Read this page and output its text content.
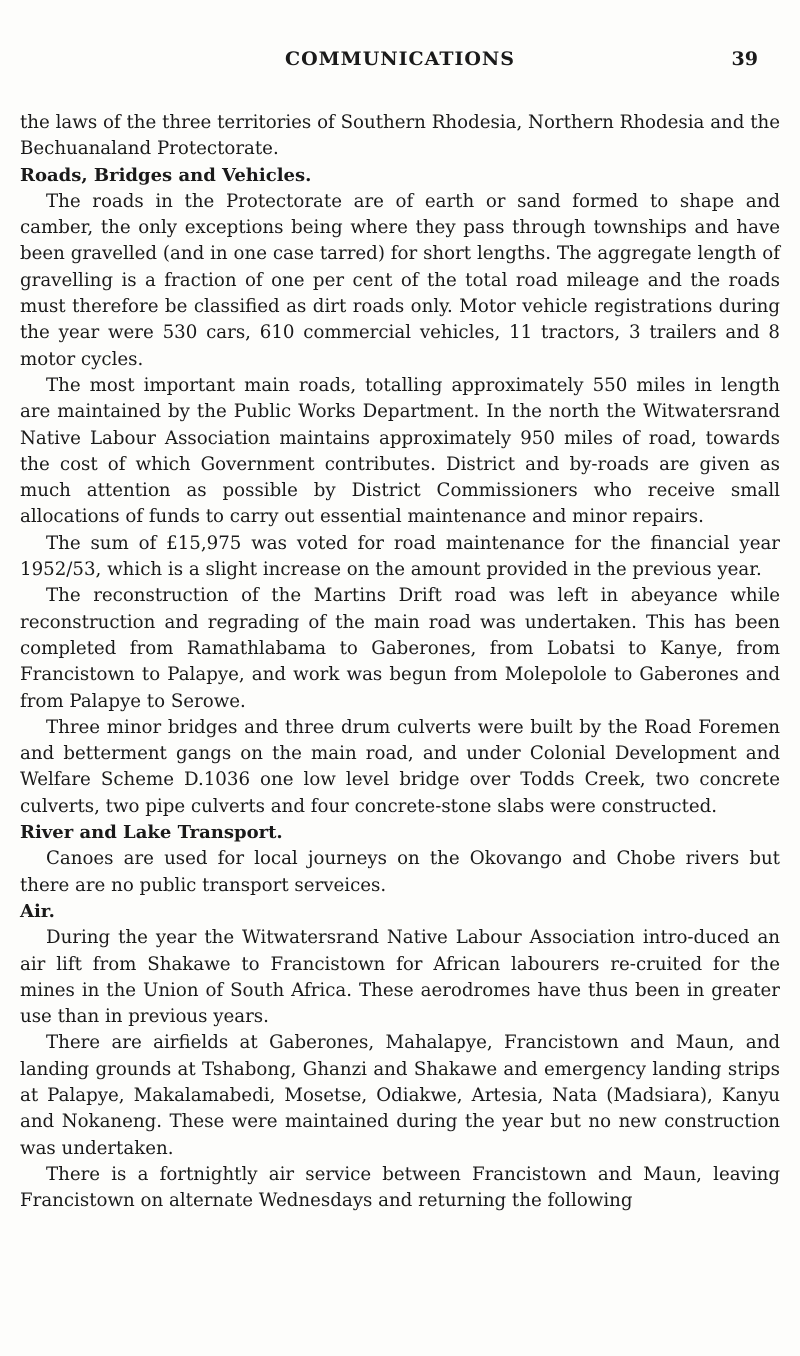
COMMUNICATIONS	39

the laws of the three territories of Southern Rhodesia, Northern Rhodesia and the Bechuanaland Protectorate.

Roads, Bridges and Vehicles.

The roads in the Protectorate are of earth or sand formed to shape and camber, the only exceptions being where they pass through townships and have been gravelled (and in one case tarred) for short lengths. The aggregate length of gravelling is a fraction of one per cent of the total road mileage and the roads must therefore be classified as dirt roads only. Motor vehicle registrations during the year were 530 cars, 610 commercial vehicles, 11 tractors, 3 trailers and 8 motor cycles.

The most important main roads, totalling approximately 550 miles in length are maintained by the Public Works Department. In the north the Witwatersrand Native Labour Association maintains approximately 950 miles of road, towards the cost of which Government contributes. District and by-roads are given as much attention as possible by District Commissioners who receive small allocations of funds to carry out essential maintenance and minor repairs.

The sum of £15,975 was voted for road maintenance for the financial year 1952/53, which is a slight increase on the amount provided in the previous year.

The reconstruction of the Martins Drift road was left in abeyance while reconstruction and regrading of the main road was undertaken. This has been completed from Ramathlabama to Gaberones, from Lobatsi to Kanye, from Francistown to Palapye, and work was begun from Molepolole to Gaberones and from Palapye to Serowe.

Three minor bridges and three drum culverts were built by the Road Foremen and betterment gangs on the main road, and under Colonial Development and Welfare Scheme D.1036 one low level bridge over Todds Creek, two concrete culverts, two pipe culverts and four concrete-stone slabs were constructed.

River and Lake Transport.

Canoes are used for local journeys on the Okovango and Chobe rivers but there are no public transport serveices.

Air.

During the year the Witwatersrand Native Labour Association intro-duced an air lift from Shakawe to Francistown for African labourers re-cruited for the mines in the Union of South Africa. These aerodromes have thus been in greater use than in previous years.

There are airfields at Gaberones, Mahalapye, Francistown and Maun, and landing grounds at Tshabong, Ghanzi and Shakawe and emergency landing strips at Palapye, Makalamabedi, Mosetse, Odiakwe, Artesia, Nata (Madsiara), Kanyu and Nokaneng. These were maintained during the year but no new construction was undertaken.

There is a fortnightly air service between Francistown and Maun, leaving Francistown on alternate Wednesdays and returning the following
